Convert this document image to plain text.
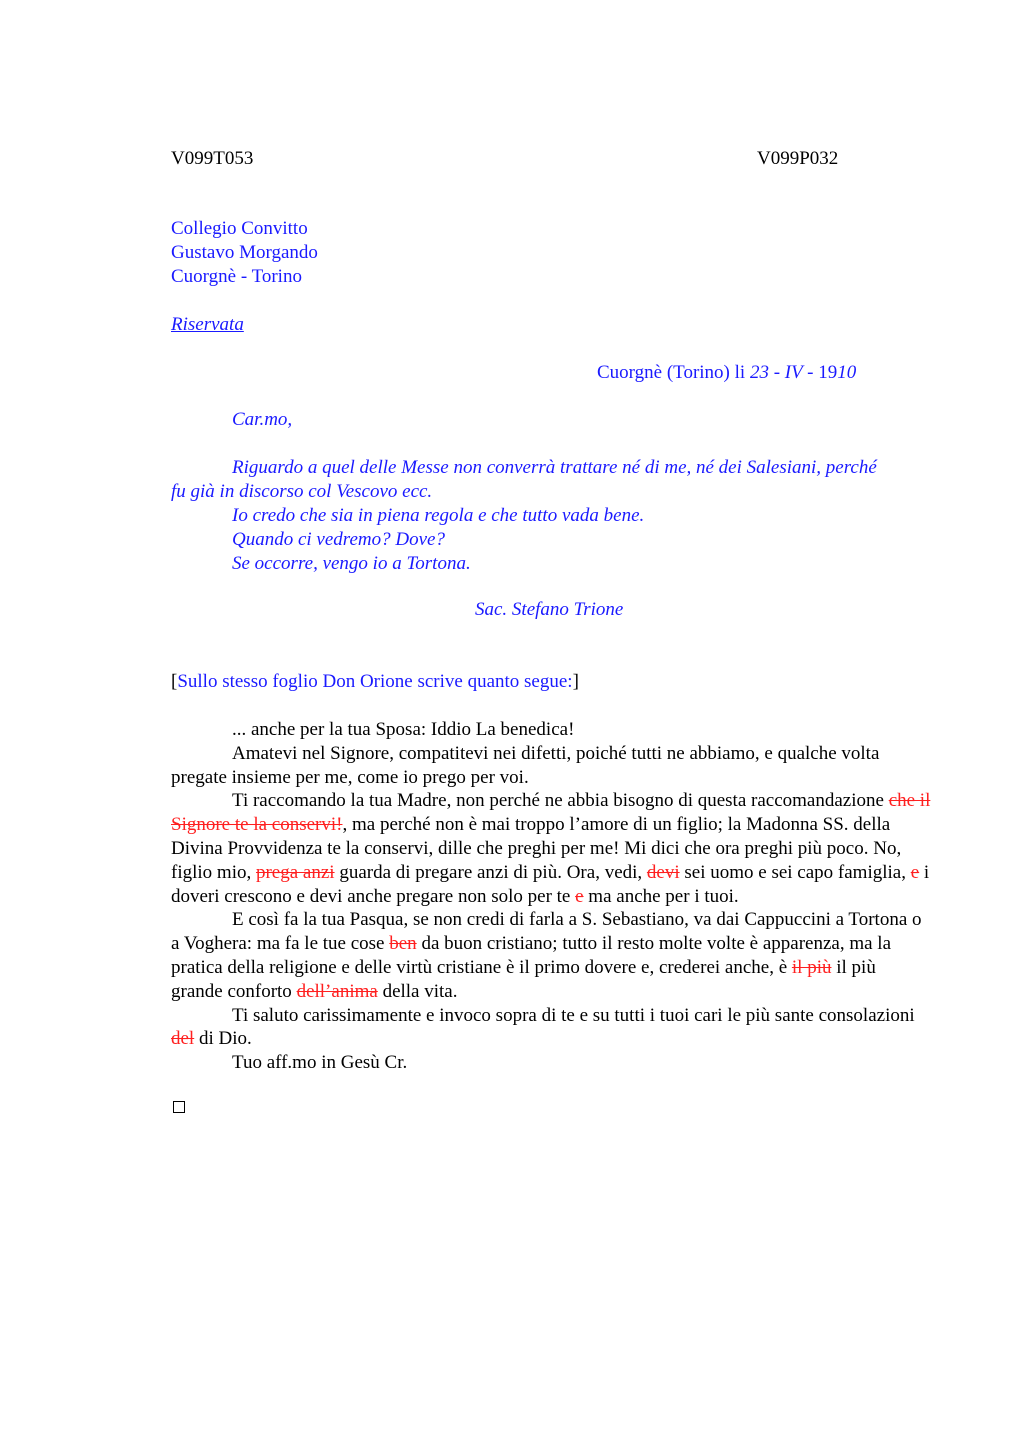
V099T053	V099P032
Collegio Convitto
Gustavo Morgando
Cuorgnè - Torino
Riservata
Cuorgnè (Torino) li 23 - IV - 1910

Car.mo,

Riguardo a quel delle Messe non converrà trattare né di me, né dei Salesiani, perché fu già in discorso col Vescovo ecc.

Io credo che sia in piena regola e che tutto vada bene.

Quando ci vedremo? Dove?

Se occorre, vengo io a Tortona.

Sac. Stefano Trione
[Sullo stesso foglio Don Orione scrive quanto segue:]

... anche per la tua Sposa: Iddio La benedica!

Amatevi nel Signore, compatitevi nei difetti, poiché tutti ne abbiamo, e qualche volta pregate insieme per me, come io prego per voi.

Ti raccomando la tua Madre, non perché ne abbia bisogno di questa raccomandazione che il Signore te la conservi!, ma perché non è mai troppo l’amore di un figlio; la Madonna SS. della Divina Provvidenza te la conservi, dille che preghi per me! Mi dici che ora preghi più poco. No, figlio mio, prega anzi guarda di pregare anzi di più. Ora, vedi, devi sei uomo e sei capo famiglia, e i doveri crescono e devi anche pregare non solo per te e ma anche per i tuoi.

E così fa la tua Pasqua, se non credi di farla a S. Sebastiano, va dai Cappuccini a Tortona o a Voghera: ma fa le tue cose ben da buon cristiano; tutto il resto molte volte è apparenza, ma la pratica della religione e delle virtù cristiane è il primo dovere e, crederei anche, è il più il più grande conforto dell’anima della vita.

Ti saluto carissimamente e invoco sopra di te e su tutti i tuoi cari le più sante consolazioni del di Dio.

Tuo aff.mo in Gesù Cr.
